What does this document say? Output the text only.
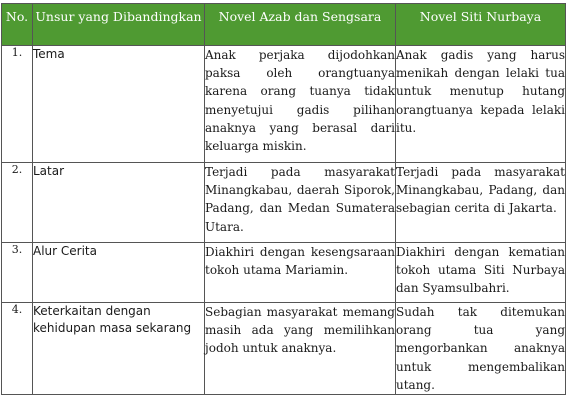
No.	Unsur yang Dibandingkan	Novel Azab dan Sengsara	Novel Siti Nurbaya
1.	Tema	Anak perjaka dijodohkan paksa oleh orangtuanya karena orang tuanya tidak menyetujui gadis pilihan anaknya yang berasal dari keluarga miskin.	Anak gadis yang harus menikah dengan lelaki tua untuk menutup hutang orangtuanya kepada lelaki itu.
2.	Latar	Terjadi pada masyarakat Minangkabau, daerah Siporok, Padang, dan Medan Sumatera Utara.	Terjadi pada masyarakat Minangkabau, Padang, dan sebagian cerita di Jakarta.
3.	Alur Cerita	Diakhiri dengan kesengsaraan tokoh utama Mariamin.	Diakhiri dengan kematian tokoh utama Siti Nurbaya dan Syamsulbahri.
4.	Keterkaitan dengan kehidupan masa sekarang	Sebagian masyarakat memang masih ada yang memilihkan jodoh untuk anaknya.	Sudah tak ditemukan orang tua yang mengorbankan anaknya untuk mengembalikan utang.
